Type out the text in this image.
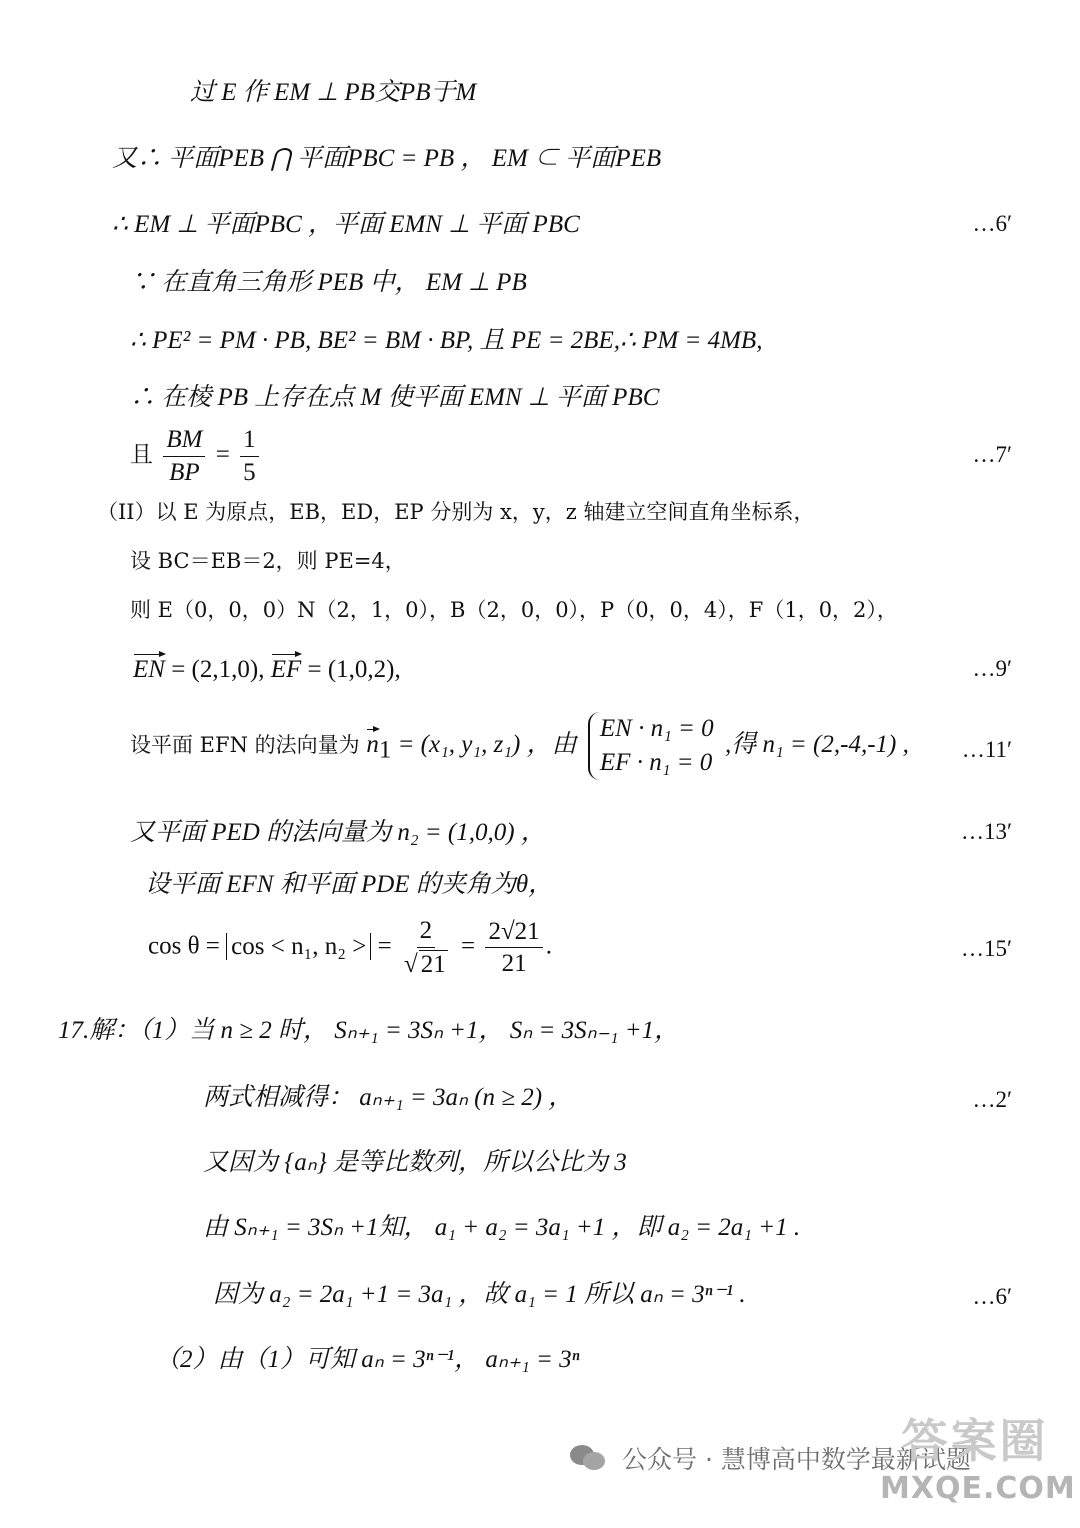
过 E 作 EM ⊥ PB交PB于M
又∴ 平面PEB ⋂ 平面PBC = PB ， EM ⊂ 平面PEB
∴ EM ⊥ 平面PBC ，平面 EMN ⊥ 平面 PBC	…6′
∵ 在直角三角形 PEB 中， EM ⊥ PB
∴ PE² = PM · PB, BE² = BM · BP, 且 PE = 2BE,∴ PM = 4MB,
∴ 在棱 PB 上存在点 M 使平面 EMN ⊥ 平面 PBC
且 $\frac{BM}{BP} = \frac{1}{5}$	…7′
（II）以 E 为原点，EB，ED，EP 分别为 x，y，z 轴建立空间直角坐标系，
设 BC＝EB＝2，则 PE=4，
则 E（0，0，0）N（2，1，0），B（2，0，0），P（0，0，4），F（1，0，2），
EN = (2,1,0), EF = (1,0,2),	…9′
设平面 EFN 的法向量为 $n_1 = (x_1$, y₁, z₁) ，由
EN · n₁ = 0
EF · n₁ = 0
,得 n₁ = (2,-4,-1) , …11′
又平面 PED 的法向量为 n₂ = (1,0,0) ，	…13′
设平面 EFN 和平面 PDE 的夹角为θ，
cos θ = cos < n₁, n₂ > = $\frac{2}{√ 21} = \frac{2√21}{21}$ .	…15′
17.解：（1）当 n ≥ 2 时， Sₙ₊₁ = 3Sₙ +1， Sₙ = 3Sₙ₋₁ +1，
两式相减得： aₙ₊₁ = 3aₙ (n ≥ 2) ，	…2′
又因为 {aₙ} 是等比数列，所以公比为 3
由 Sₙ₊₁ = 3Sₙ +1知， a₁ + a₂ = 3a₁ +1 ，即 a₂ = 2a₁ +1 .
因为 a₂ = 2a₁ +1 = 3a₁ ，故 a₁ = 1 所以 aₙ = 3ⁿ⁻¹ .	…6′
（2）由（1）可知 aₙ = 3ⁿ⁻¹， aₙ₊₁ = 3ⁿ
公众号 · 慧博高中数学最新试题
答案圈
MXQE.COM
